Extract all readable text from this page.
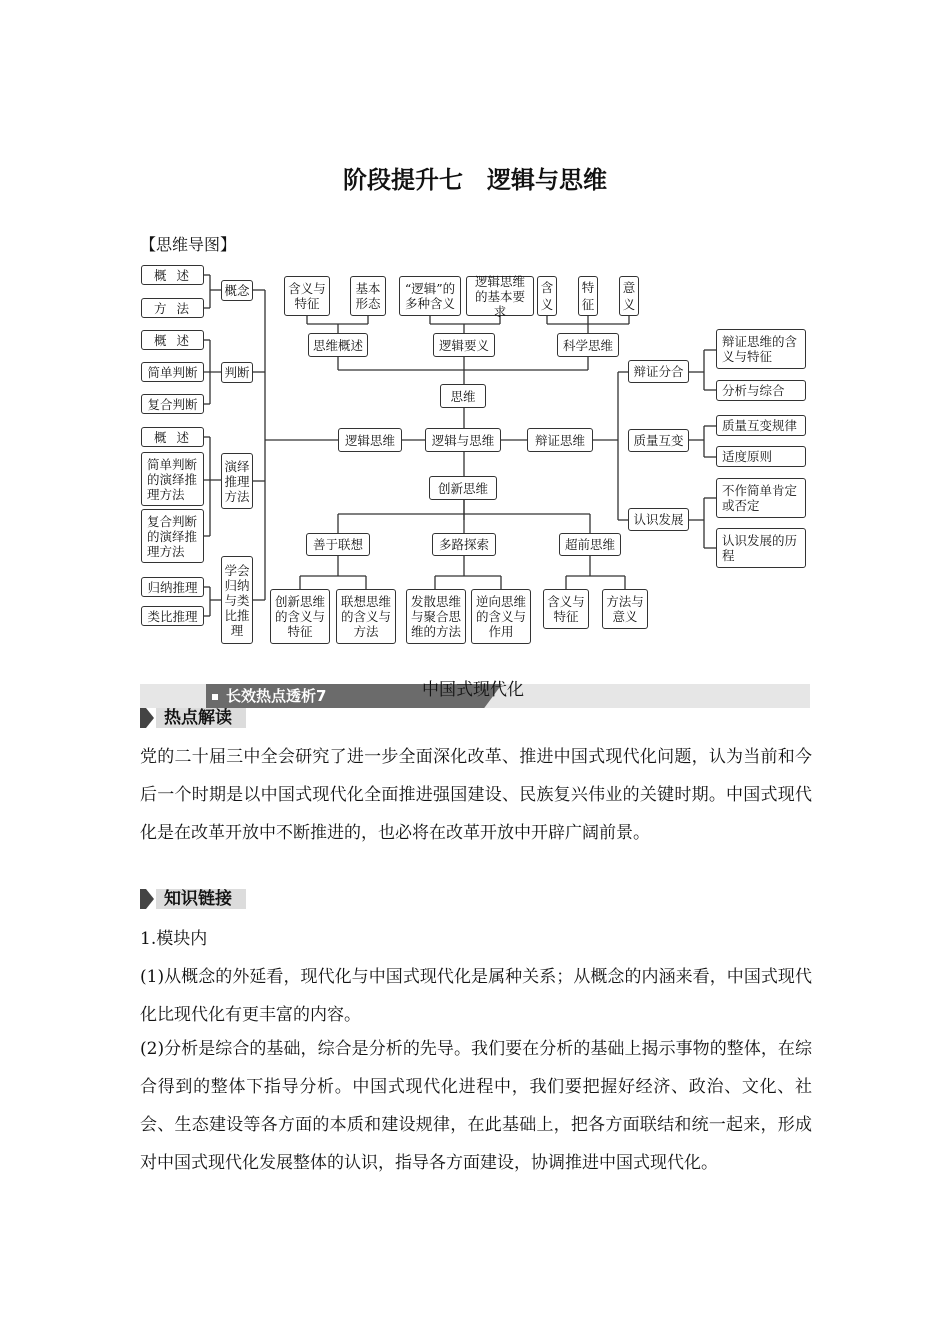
阶段提升七　逻辑与思维
【思维导图】
含义与特征
基本形态
“逻辑”的多种含义
逻辑思维的基本要求
含义
特征
意义
思维概述	逻辑要义	科学思维
思维
逻辑与思维
逻辑思维	辩证思维
创新思维
善于联想	多路探索	超前思维
创新思维的含义与特征
联想思维的含义与方法
发散思维与聚合思维的方法
逆向思维的含义与作用
含义与特征
方法与意义
概述
方法
概念
概述
简单判断
复合判断
判断
概述
简单判断的演绎推理方法
复合判断的演绎推理方法
演绎推理方法
归纳推理
类比推理
学会归纳与类比推理
辩证分合
质量互变
认识发展
辩证思维的含义与特征
分析与综合
质量互变规律
适度原则
不作简单肯定或否定
认识发展的历程
长效热点透析7	中国式现代化
热点解读
党的二十届三中全会研究了进一步全面深化改革、推进中国式现代化问题，认为当前和今后一个时期是以中国式现代化全面推进强国建设、民族复兴伟业的关键时期。中国式现代化是在改革开放中不断推进的，也必将在改革开放中开辟广阔前景。
知识链接
1.模块内
(1)从概念的外延看，现代化与中国式现代化是属种关系；从概念的内涵来看，中国式现代化比现代化有更丰富的内容。
(2)分析是综合的基础，综合是分析的先导。我们要在分析的基础上揭示事物的整体，在综合得到的整体下指导分析。中国式现代化进程中，我们要把握好经济、政治、文化、社会、生态建设等各方面的本质和建设规律，在此基础上，把各方面联结和统一起来，形成对中国式现代化发展整体的认识，指导各方面建设，协调推进中国式现代化。
